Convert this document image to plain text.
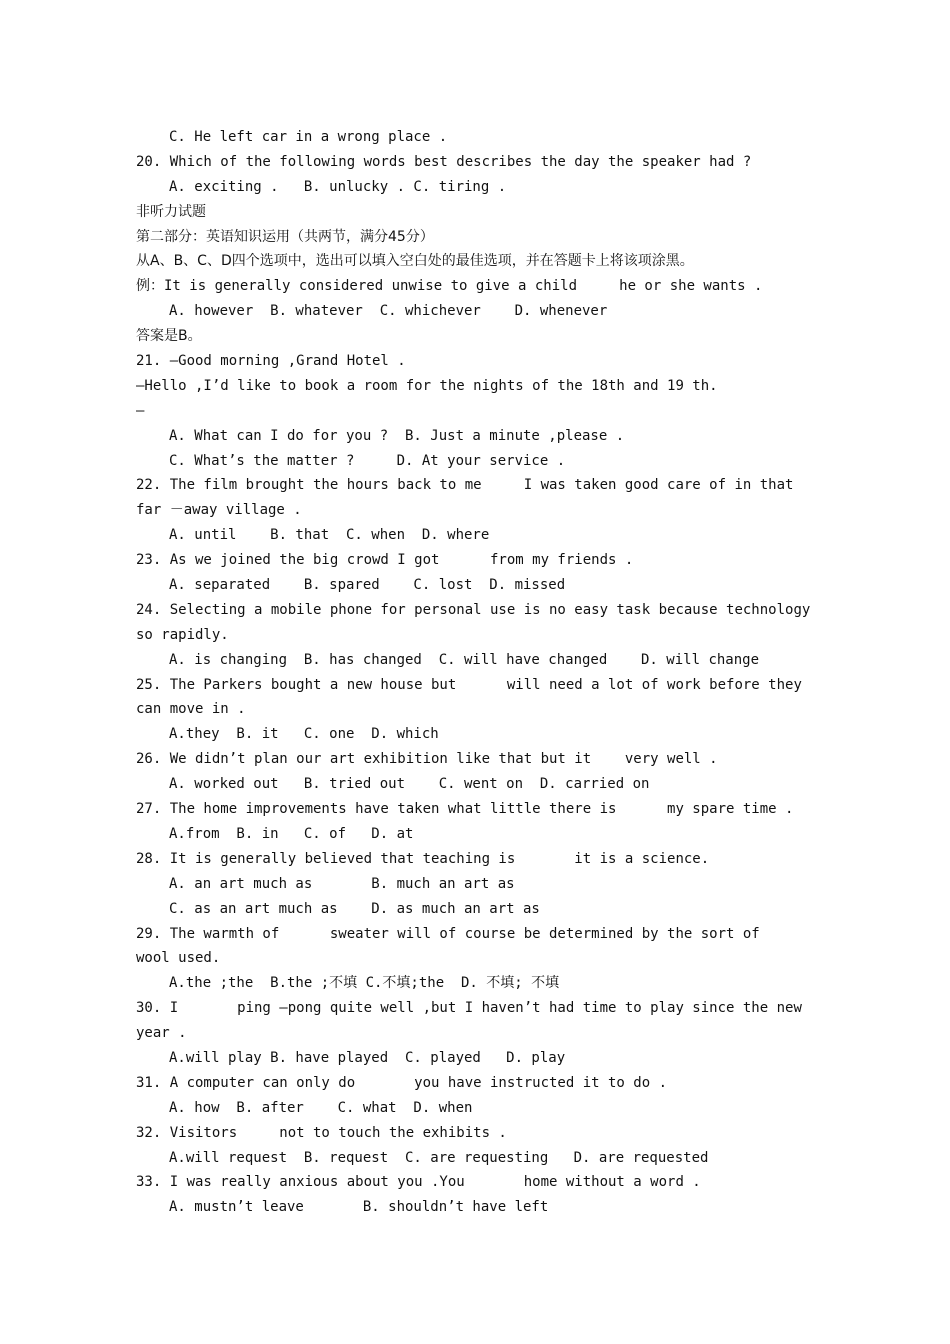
C. He left car in a wrong place .
20. Which of the following words best describes the day the speaker had ?
A. exciting .   B. unlucky . C. tiring .
非听力试题
第二部分：英语知识运用（共两节，满分45分）
从A、B、C、D四个选项中，选出可以填入空白处的最佳选项，并在答题卡上将该项涂黑。
例：It is generally considered unwise to give a child     he or she wants .
A. however  B. whatever  C. whichever    D. whenever
答案是B。
21. —Good morning ,Grand Hotel .
—Hello ,I’d like to book a room for the nights of the 18th and 19 th.
—
A. What can I do for you ?  B. Just a minute ,please .
C. What’s the matter ?     D. At your service .
22. The film brought the hours back to me     I was taken good care of in that
far －away village .
A. until    B. that  C. when  D. where
23. As we joined the big crowd I got      from my friends .
A. separated    B. spared    C. lost  D. missed
24. Selecting a mobile phone for personal use is no easy task because technology
so rapidly.
A. is changing  B. has changed  C. will have changed    D. will change
25. The Parkers bought a new house but      will need a lot of work before they
can move in .
A.they  B. it   C. one  D. which
26. We didn’t plan our art exhibition like that but it    very well .
A. worked out   B. tried out    C. went on  D. carried on
27. The home improvements have taken what little there is      my spare time .
A.from  B. in   C. of   D. at
28. It is generally believed that teaching is       it is a science.
A. an art much as       B. much an art as
C. as an art much as    D. as much an art as
29. The warmth of      sweater will of course be determined by the sort of
wool used.
A.the ;the  B.the ;不填 C.不填;the  D. 不填; 不填
30. I       ping —pong quite well ,but I haven’t had time to play since the new
year .
A.will play B. have played  C. played   D. play
31. A computer can only do       you have instructed it to do .
A. how  B. after    C. what  D. when
32. Visitors     not to touch the exhibits .
A.will request  B. request  C. are requesting   D. are requested
33. I was really anxious about you .You       home without a word .
A. mustn’t leave       B. shouldn’t have left
